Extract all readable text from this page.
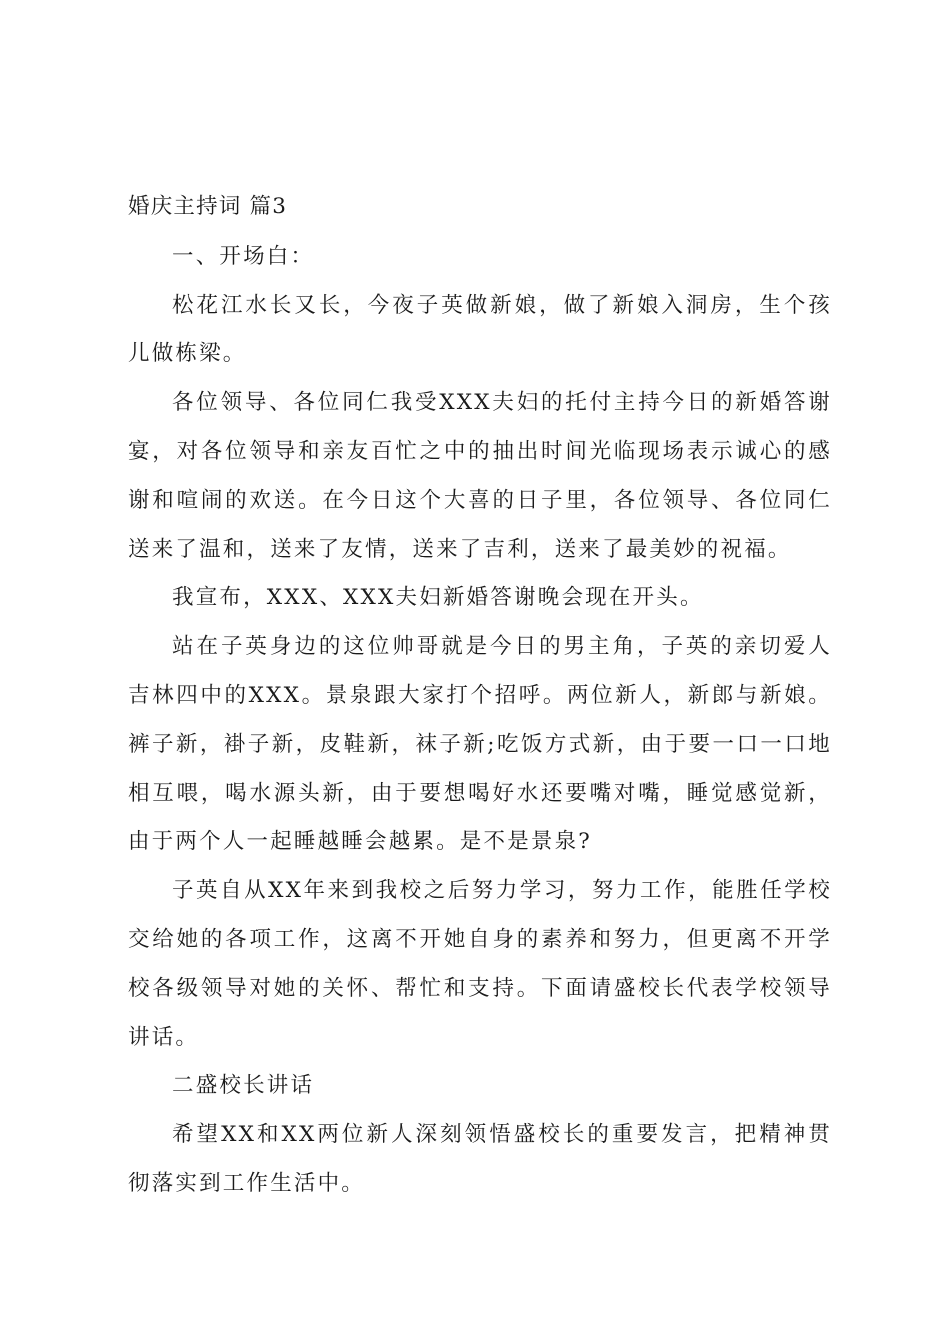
婚庆主持词 篇3

一、开场白：

松花江水长又长，今夜子英做新娘，做了新娘入洞房，生个孩儿做栋梁。

各位领导、各位同仁我受XXX夫妇的托付主持今日的新婚答谢宴，对各位领导和亲友百忙之中的抽出时间光临现场表示诚心的感谢和喧闹的欢送。在今日这个大喜的日子里，各位领导、各位同仁送来了温和，送来了友情，送来了吉利，送来了最美妙的祝福。

我宣布，XXX、XXX夫妇新婚答谢晚会现在开头。

站在子英身边的这位帅哥就是今日的男主角，子英的亲切爱人吉林四中的XXX。景泉跟大家打个招呼。两位新人，新郎与新娘。裤子新，褂子新，皮鞋新，袜子新;吃饭方式新，由于要一口一口地相互喂，喝水源头新，由于要想喝好水还要嘴对嘴，睡觉感觉新，由于两个人一起睡越睡会越累。是不是景泉?

子英自从XX年来到我校之后努力学习，努力工作，能胜任学校交给她的各项工作，这离不开她自身的素养和努力，但更离不开学校各级领导对她的关怀、帮忙和支持。下面请盛校长代表学校领导讲话。

二盛校长讲话

希望XX和XX两位新人深刻领悟盛校长的重要发言，把精神贯彻落实到工作生活中。
